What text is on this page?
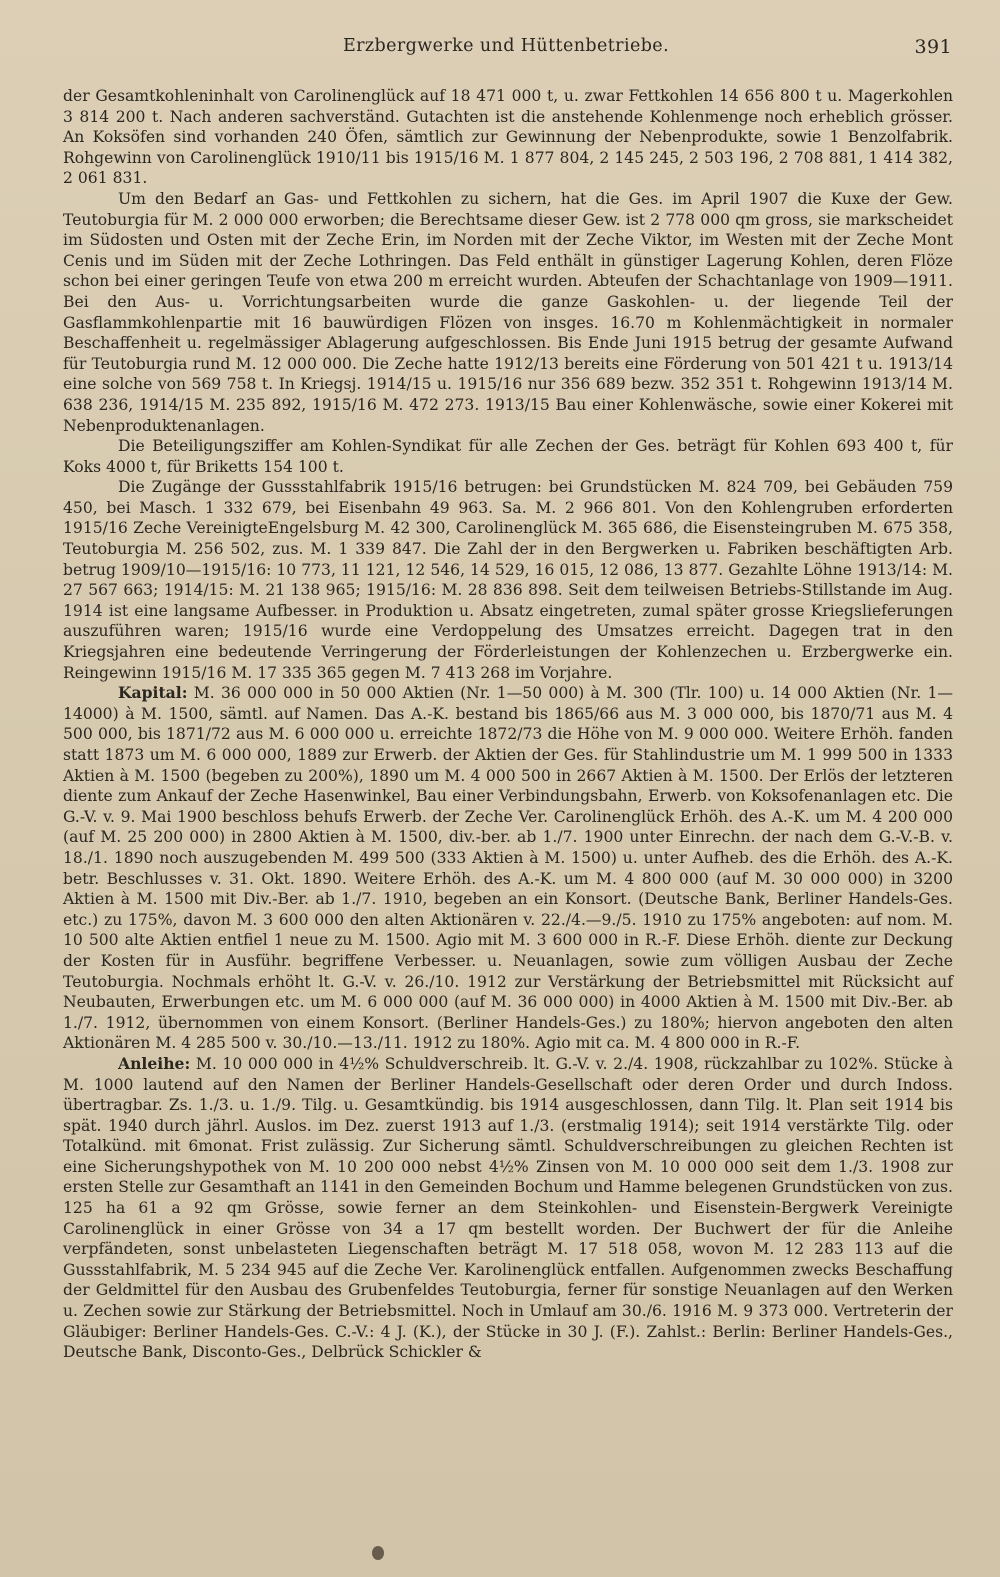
Erzbergwerke und Hüttenbetriebe.	391

der Gesamtkohleninhalt von Carolinenglück auf 18 471 000 t, u. zwar Fettkohlen 14 656 800 t u. Magerkohlen 3 814 200 t. Nach anderen sachverständ. Gutachten ist die anstehende Kohlenmenge noch erheblich grösser. An Koksöfen sind vorhanden 240 Öfen, sämtlich zur Gewinnung der Nebenprodukte, sowie 1 Benzolfabrik. Rohgewinn von Carolinenglück 1910/11 bis 1915/16 M. 1 877 804, 2 145 245, 2 503 196, 2 708 881, 1 414 382, 2 061 831.

Um den Bedarf an Gas- und Fettkohlen zu sichern, hat die Ges. im April 1907 die Kuxe der Gew. Teutoburgia für M. 2 000 000 erworben; die Berechtsame dieser Gew. ist 2 778 000 qm gross, sie markscheidet im Südosten und Osten mit der Zeche Erin, im Norden mit der Zeche Viktor, im Westen mit der Zeche Mont Cenis und im Süden mit der Zeche Lothringen. Das Feld enthält in günstiger Lagerung Kohlen, deren Flöze schon bei einer geringen Teufe von etwa 200 m erreicht wurden. Abteufen der Schachtanlage von 1909—1911. Bei den Aus- u. Vorrichtungsarbeiten wurde die ganze Gaskohlen- u. der liegende Teil der Gasflammkohlenpartie mit 16 bauwürdigen Flözen von insges. 16.70 m Kohlenmächtigkeit in normaler Beschaffenheit u. regelmässiger Ablagerung aufgeschlossen. Bis Ende Juni 1915 betrug der gesamte Aufwand für Teutoburgia rund M. 12 000 000. Die Zeche hatte 1912/13 bereits eine Förderung von 501 421 t u. 1913/14 eine solche von 569 758 t. In Kriegsj. 1914/15 u. 1915/16 nur 356 689 bezw. 352 351 t. Rohgewinn 1913/14 M. 638 236, 1914/15 M. 235 892, 1915/16 M. 472 273. 1913/15 Bau einer Kohlenwäsche, sowie einer Kokerei mit Nebenproduktenanlagen.

Die Beteiligungsziffer am Kohlen-Syndikat für alle Zechen der Ges. beträgt für Kohlen 693 400 t, für Koks 4000 t, für Briketts 154 100 t.

Die Zugänge der Gussstahlfabrik 1915/16 betrugen: bei Grundstücken M. 824 709, bei Gebäuden 759 450, bei Masch. 1 332 679, bei Eisenbahn 49 963. Sa. M. 2 966 801. Von den Kohlengruben erforderten 1915/16 Zeche VereinigteEngelsburg M. 42 300, Carolinenglück M. 365 686, die Eisensteingruben M. 675 358, Teutoburgia M. 256 502, zus. M. 1 339 847. Die Zahl der in den Bergwerken u. Fabriken beschäftigten Arb. betrug 1909/10—1915/16: 10 773, 11 121, 12 546, 14 529, 16 015, 12 086, 13 877. Gezahlte Löhne 1913/14: M. 27 567 663; 1914/15: M. 21 138 965; 1915/16: M. 28 836 898. Seit dem teilweisen Betriebs-Stillstande im Aug. 1914 ist eine langsame Aufbesser. in Produktion u. Absatz eingetreten, zumal später grosse Kriegslieferungen auszuführen waren; 1915/16 wurde eine Verdoppelung des Umsatzes erreicht. Dagegen trat in den Kriegsjahren eine bedeutende Verringerung der Förderleistungen der Kohlenzechen u. Erzbergwerke ein. Reingewinn 1915/16 M. 17 335 365 gegen M. 7 413 268 im Vorjahre.

Kapital: M. 36 000 000 in 50 000 Aktien (Nr. 1—50 000) à M. 300 (Tlr. 100) u. 14 000 Aktien (Nr. 1—14000) à M. 1500, sämtl. auf Namen. Das A.-K. bestand bis 1865/66 aus M. 3 000 000, bis 1870/71 aus M. 4 500 000, bis 1871/72 aus M. 6 000 000 u. erreichte 1872/73 die Höhe von M. 9 000 000. Weitere Erhöh. fanden statt 1873 um M. 6 000 000, 1889 zur Erwerb. der Aktien der Ges. für Stahlindustrie um M. 1 999 500 in 1333 Aktien à M. 1500 (begeben zu 200%), 1890 um M. 4 000 500 in 2667 Aktien à M. 1500. Der Erlös der letzteren diente zum Ankauf der Zeche Hasenwinkel, Bau einer Verbindungsbahn, Erwerb. von Koksofenanlagen etc. Die G.-V. v. 9. Mai 1900 beschloss behufs Erwerb. der Zeche Ver. Carolinenglück Erhöh. des A.-K. um M. 4 200 000 (auf M. 25 200 000) in 2800 Aktien à M. 1500, div.-ber. ab 1./7. 1900 unter Einrechn. der nach dem G.-V.-B. v. 18./1. 1890 noch auszugebenden M. 499 500 (333 Aktien à M. 1500) u. unter Aufheb. des die Erhöh. des A.-K. betr. Beschlusses v. 31. Okt. 1890. Weitere Erhöh. des A.-K. um M. 4 800 000 (auf M. 30 000 000) in 3200 Aktien à M. 1500 mit Div.-Ber. ab 1./7. 1910, begeben an ein Konsort. (Deutsche Bank, Berliner Handels-Ges. etc.) zu 175%, davon M. 3 600 000 den alten Aktionären v. 22./4.—9./5. 1910 zu 175% angeboten: auf nom. M. 10 500 alte Aktien entfiel 1 neue zu M. 1500. Agio mit M. 3 600 000 in R.-F. Diese Erhöh. diente zur Deckung der Kosten für in Ausführ. begriffene Verbesser. u. Neuanlagen, sowie zum völligen Ausbau der Zeche Teutoburgia. Nochmals erhöht lt. G.-V. v. 26./10. 1912 zur Verstärkung der Betriebsmittel mit Rücksicht auf Neubauten, Erwerbungen etc. um M. 6 000 000 (auf M. 36 000 000) in 4000 Aktien à M. 1500 mit Div.-Ber. ab 1./7. 1912, übernommen von einem Konsort. (Berliner Handels-Ges.) zu 180%; hiervon angeboten den alten Aktionären M. 4 285 500 v. 30./10.—13./11. 1912 zu 180%. Agio mit ca. M. 4 800 000 in R.-F.

Anleihe: M. 10 000 000 in 4½% Schuldverschreib. lt. G.-V. v. 2./4. 1908, rückzahlbar zu 102%. Stücke à M. 1000 lautend auf den Namen der Berliner Handels-Gesellschaft oder deren Order und durch Indoss. übertragbar. Zs. 1./3. u. 1./9. Tilg. u. Gesamtkündig. bis 1914 ausgeschlossen, dann Tilg. lt. Plan seit 1914 bis spät. 1940 durch jährl. Auslos. im Dez. zuerst 1913 auf 1./3. (erstmalig 1914); seit 1914 verstärkte Tilg. oder Totalkünd. mit 6monat. Frist zulässig. Zur Sicherung sämtl. Schuldverschreibungen zu gleichen Rechten ist eine Sicherungshypothek von M. 10 200 000 nebst 4½% Zinsen von M. 10 000 000 seit dem 1./3. 1908 zur ersten Stelle zur Gesamthaft an 1141 in den Gemeinden Bochum und Hamme belegenen Grundstücken von zus. 125 ha 61 a 92 qm Grösse, sowie ferner an dem Steinkohlen- und Eisenstein-Bergwerk Vereinigte Carolinenglück in einer Grösse von 34 a 17 qm bestellt worden. Der Buchwert der für die Anleihe verpfändeten, sonst unbelasteten Liegenschaften beträgt M. 17 518 058, wovon M. 12 283 113 auf die Gussstahlfabrik, M. 5 234 945 auf die Zeche Ver. Karolinenglück entfallen. Aufgenommen zwecks Beschaffung der Geldmittel für den Ausbau des Grubenfeldes Teutoburgia, ferner für sonstige Neuanlagen auf den Werken u. Zechen sowie zur Stärkung der Betriebsmittel. Noch in Umlauf am 30./6. 1916 M. 9 373 000. Vertreterin der Gläubiger: Berliner Handels-Ges. C.-V.: 4 J. (K.), der Stücke in 30 J. (F.). Zahlst.: Berlin: Berliner Handels-Ges., Deutsche Bank, Disconto-Ges., Delbrück Schickler &
